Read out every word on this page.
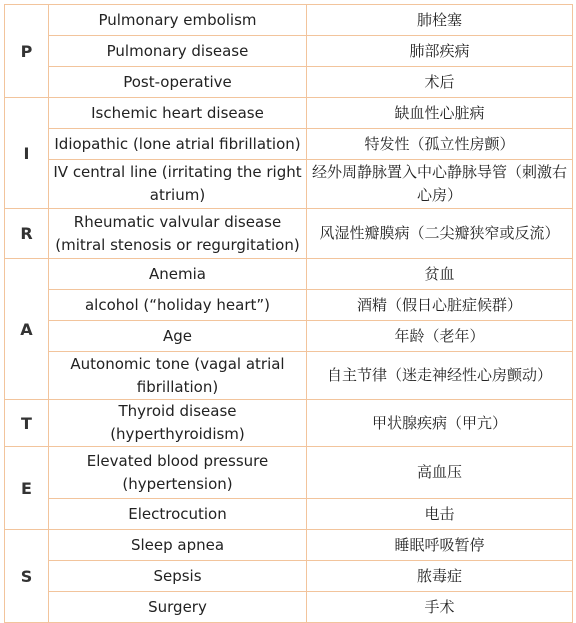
P	Pulmonary embolism	肺栓塞
	Pulmonary disease	肺部疾病
	Post-operative	术后
I	Ischemic heart disease	缺血性心脏病
	Idiopathic (lone atrial fibrillation)	特发性（孤立性房颤）
	IV central line (irritating the right atrium)	经外周静脉置入中心静脉导管（刺激右心房）
R	Rheumatic valvular disease (mitral stenosis or regurgitation)	风湿性瓣膜病（二尖瓣狭窄或反流）
A	Anemia	贫血
	alcohol (“holiday heart”)	酒精（假日心脏症候群）
	Age	年龄（老年）
	Autonomic tone (vagal atrial fibrillation)	自主节律（迷走神经性心房颤动）
T	Thyroid disease (hyperthyroidism)	甲状腺疾病（甲亢）
E	Elevated blood pressure (hypertension)	高血压
	Electrocution	电击
S	Sleep apnea	睡眠呼吸暂停
	Sepsis	脓毒症
	Surgery	手术
